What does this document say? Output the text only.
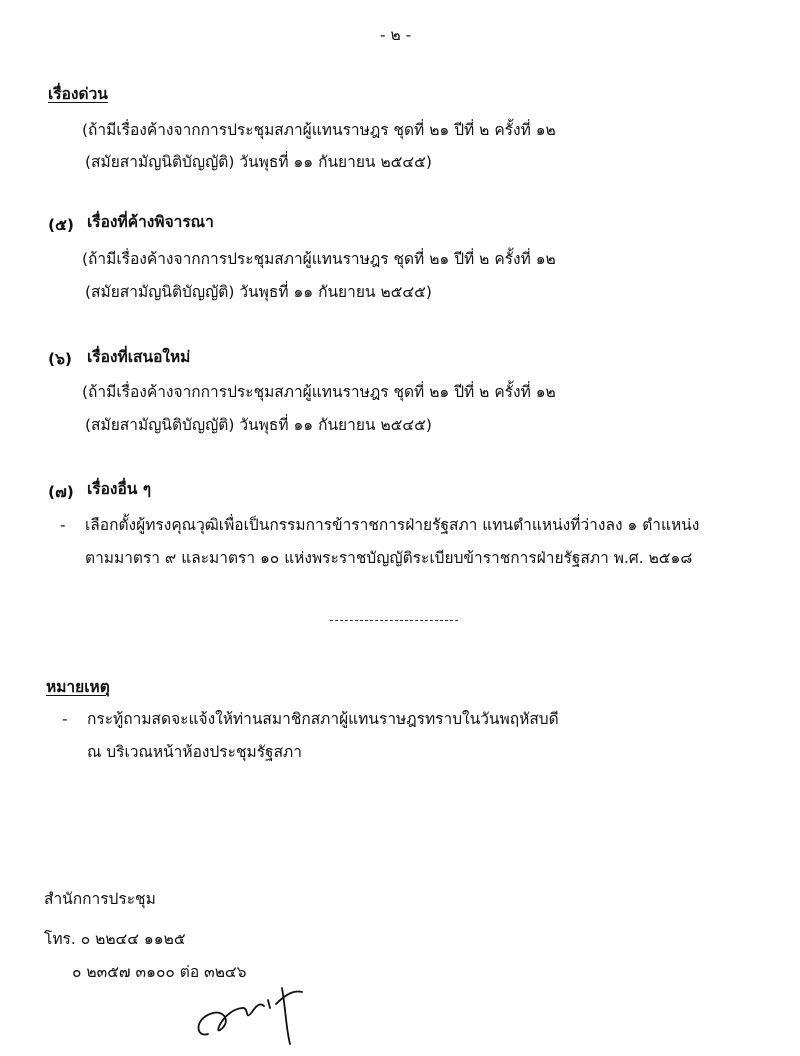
- ๒ -
เรื่องด่วน
(ถ้ามีเรื่องค้างจากการประชุมสภาผู้แทนราษฎร ชุดที่ ๒๑ ปีที่ ๒ ครั้งที่ ๑๒
(สมัยสามัญนิติบัญญัติ) วันพุธที่ ๑๑ กันยายน ๒๕๔๕)
(๕) เรื่องที่ค้างพิจารณา
(ถ้ามีเรื่องค้างจากการประชุมสภาผู้แทนราษฎร ชุดที่ ๒๑ ปีที่ ๒ ครั้งที่ ๑๒
(สมัยสามัญนิติบัญญัติ) วันพุธที่ ๑๑ กันยายน ๒๕๔๕)
(๖) เรื่องที่เสนอใหม่
(ถ้ามีเรื่องค้างจากการประชุมสภาผู้แทนราษฎร ชุดที่ ๒๑ ปีที่ ๒ ครั้งที่ ๑๒
(สมัยสามัญนิติบัญญัติ) วันพุธที่ ๑๑ กันยายน ๒๕๔๕)
(๗) เรื่องอื่น ๆ
- เลือกตั้งผู้ทรงคุณวุฒิเพื่อเป็นกรรมการข้าราชการฝ่ายรัฐสภา แทนตำแหน่งที่ว่างลง ๑ ตำแหน่ง
ตามมาตรา ๙ และมาตรา ๑๐ แห่งพระราชบัญญัติระเบียบข้าราชการฝ่ายรัฐสภา พ.ศ. ๒๕๑๘
หมายเหตุ
- กระทู้ถามสดจะแจ้งให้ท่านสมาชิกสภาผู้แทนราษฎรทราบในวันพฤหัสบดี
ณ บริเวณหน้าห้องประชุมรัฐสภา
สำนักการประชุม
โทร. ๐ ๒๒๔๔ ๑๑๒๕
๐ ๒๓๕๗ ๓๑๐๐ ต่อ ๓๒๔๖
